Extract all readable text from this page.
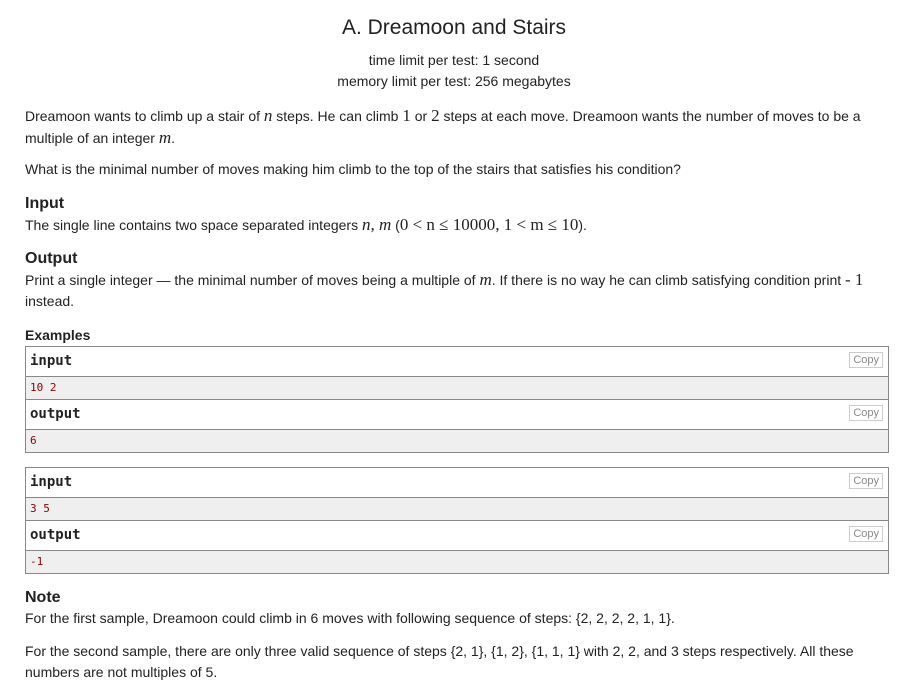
A. Dreamoon and Stairs
time limit per test: 1 second
memory limit per test: 256 megabytes
Dreamoon wants to climb up a stair of n steps. He can climb 1 or 2 steps at each move. Dreamoon wants the number of moves to be a multiple of an integer m.
What is the minimal number of moves making him climb to the top of the stairs that satisfies his condition?
Input
The single line contains two space separated integers n, m (0 < n ≤ 10000, 1 < m ≤ 10).
Output
Print a single integer — the minimal number of moves being a multiple of m. If there is no way he can climb satisfying condition print - 1
instead.
Examples
input	Copy
10 2
output	Copy
6
input	Copy
3 5
output	Copy
-1
Note
For the first sample, Dreamoon could climb in 6 moves with following sequence of steps: {2, 2, 2, 2, 1, 1}.
For the second sample, there are only three valid sequence of steps {2, 1}, {1, 2}, {1, 1, 1} with 2, 2, and 3 steps respectively. All these numbers are not multiples of 5.
